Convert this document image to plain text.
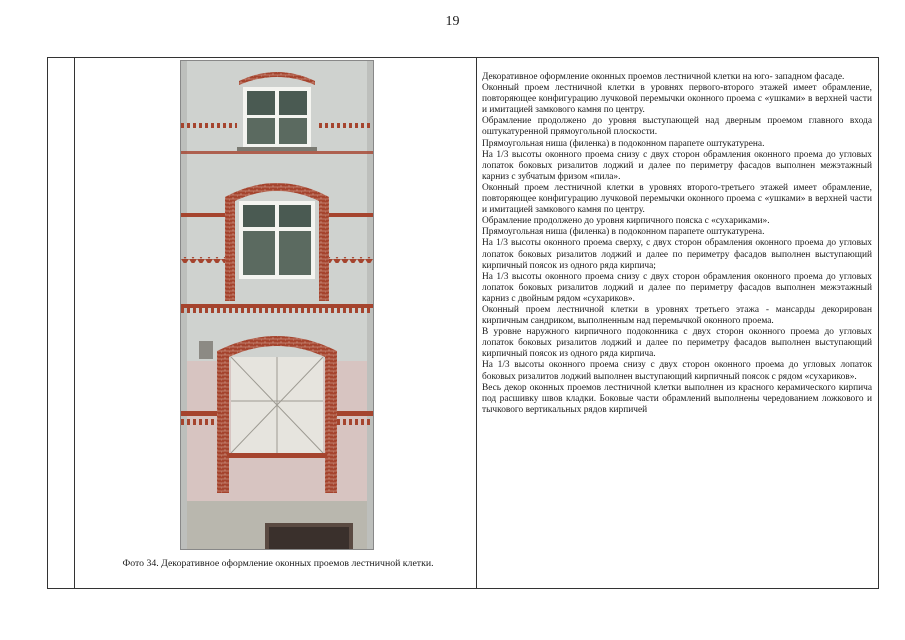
19
Фото 34. Декоративное оформление оконных проемов лестничной клетки.

Декоративное оформление оконных проемов лестничной клетки на юго- западном фасаде.

Оконный проем лестничной клетки в уровнях первого-второго этажей имеет обрамление, повторяющее конфигурацию лучковой перемычки оконного проема с «ушками» в верхней части и имитацией замкового камня по центру.

Обрамление продолжено до уровня выступающей над дверным проемом главного входа оштукатуренной прямоугольной плоскости.

Прямоугольная ниша (филенка) в подоконном парапете оштукатурена.

На 1/3 высоты оконного проема снизу с двух сторон обрамления оконного проема до угловых лопаток боковых ризалитов лоджий и далее по периметру фасадов выполнен межэтажный карниз с зубчатым фризом «пила».

Оконный проем лестничной клетки в уровнях второго-третьего этажей имеет обрамление, повторяющее конфигурацию лучковой перемычки оконного проема с «ушками» в верхней части и имитацией замкового камня по центру.

Обрамление продолжено до уровня кирпичного пояска с «сухариками».

Прямоугольная ниша (филенка) в подоконном парапете оштукатурена.

На 1/3 высоты оконного проема сверху, с двух сторон обрамления оконного проема до угловых лопаток боковых ризалитов лоджий и далее по периметру фасадов выполнен выступающий кирпичный поясок из одного ряда кирпича;

На 1/3 высоты оконного проема снизу с двух сторон обрамления оконного проема до угловых лопаток боковых ризалитов лоджий и далее по периметру фасадов выполнен межэтажный карниз с двойным рядом «сухариков».

Оконный проем лестничной клетки в уровнях третьего этажа - мансарды декорирован кирпичным сандриком, выполненным над перемычкой оконного проема.

В уровне наружного кирпичного подоконника с двух сторон оконного проема до угловых лопаток боковых ризалитов лоджий и далее по периметру фасадов выполнен выступающий кирпичный поясок из одного ряда кирпича.

На 1/3 высоты оконного проема снизу с двух сторон оконного проема до угловых лопаток боковых ризалитов лоджий выполнен выступающий кирпичный поясок с рядом «сухариков».

Весь декор оконных проемов лестничной клетки выполнен из красного керамического кирпича под расшивку швов кладки. Боковые части обрамлений выполнены чередованием ложкового и тычкового вертикальных рядов кирпичей
